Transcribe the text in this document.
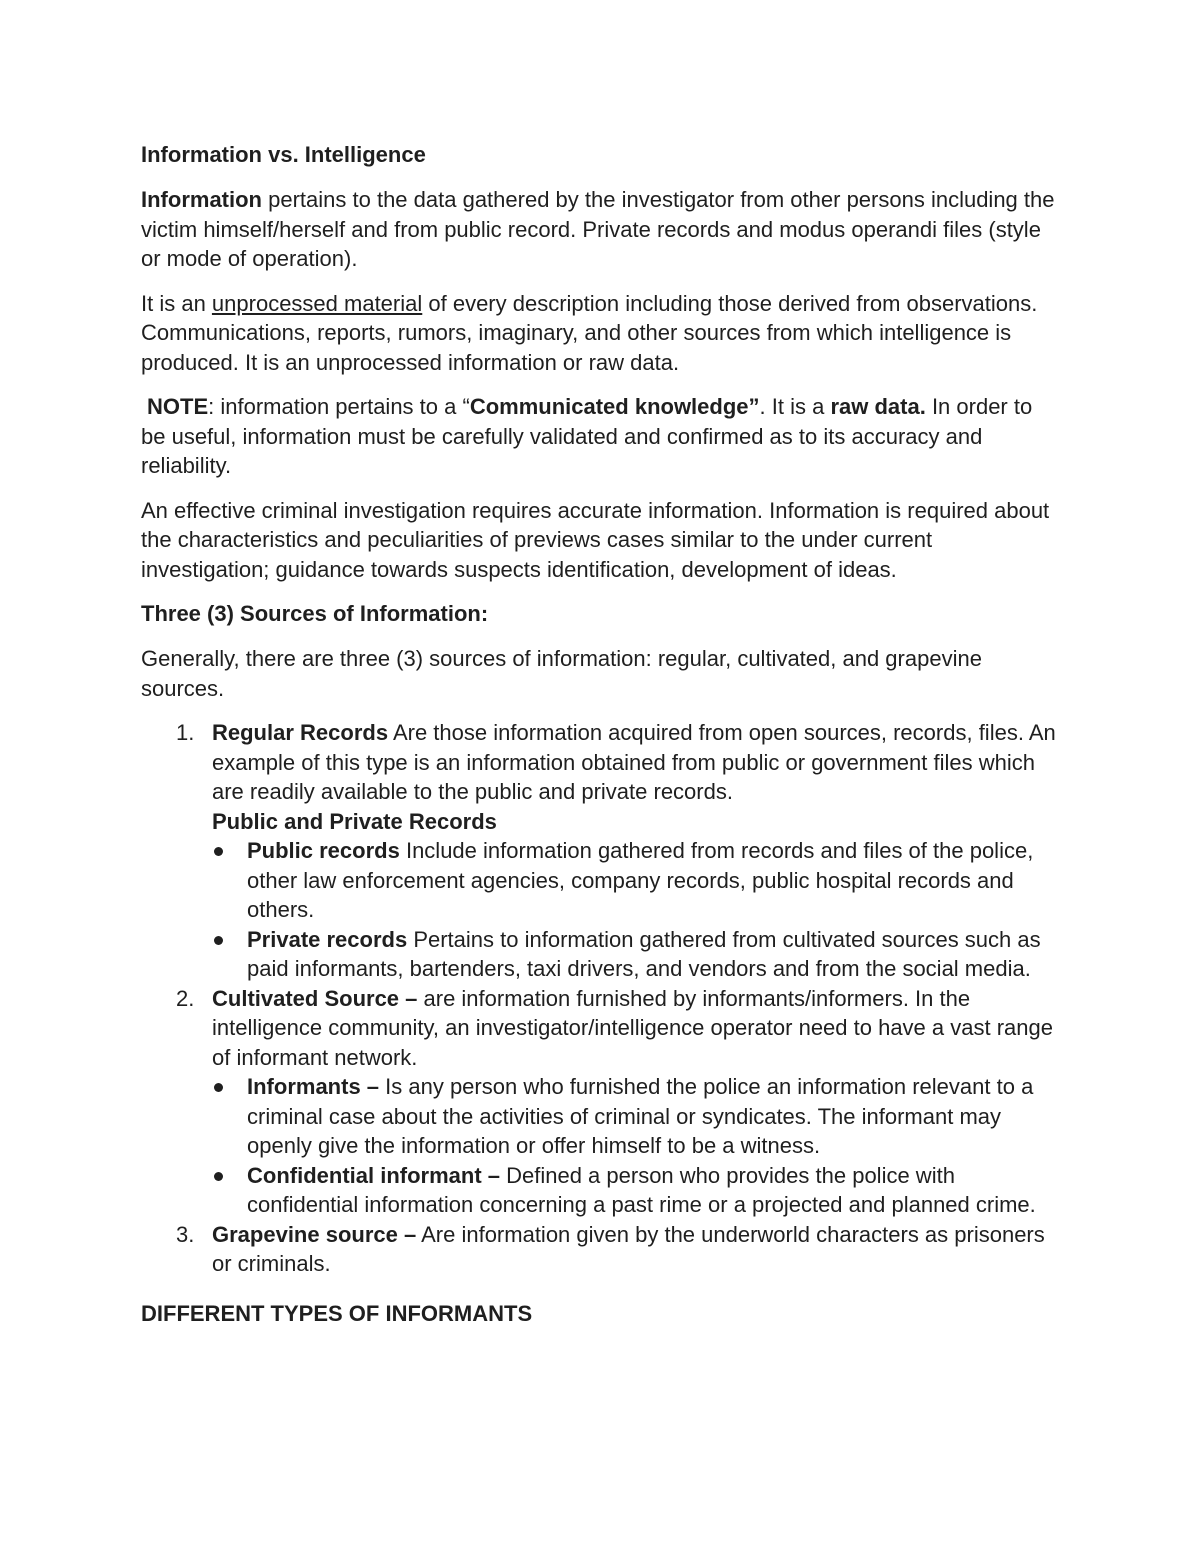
Information vs. Intelligence

Information pertains to the data gathered by the investigator from other persons including the victim himself/herself and from public record. Private records and modus operandi files (style or mode of operation).

It is an unprocessed material of every description including those derived from observations. Communications, reports, rumors, imaginary, and other sources from which intelligence is produced. It is an unprocessed information or raw data.

NOTE: information pertains to a “Communicated knowledge”. It is a raw data. In order to be useful, information must be carefully validated and confirmed as to its accuracy and reliability.

An effective criminal investigation requires accurate information. Information is required about the characteristics and peculiarities of previews cases similar to the under current investigation; guidance towards suspects identification, development of ideas.

Three (3) Sources of Information:

Generally, there are three (3) sources of information: regular, cultivated, and grapevine sources.

1. Regular Records Are those information acquired from open sources, records, files. An example of this type is an information obtained from public or government files which are readily available to the public and private records.
Public and Private Records
Public records Include information gathered from records and files of the police, other law enforcement agencies, company records, public hospital records and others.
Private records Pertains to information gathered from cultivated sources such as paid informants, bartenders, taxi drivers, and vendors and from the social media.
2. Cultivated Source – are information furnished by informants/informers. In the intelligence community, an investigator/intelligence operator need to have a vast range of informant network.
Informants – Is any person who furnished the police an information relevant to a criminal case about the activities of criminal or syndicates. The informant may openly give the information or offer himself to be a witness.
Confidential informant – Defined a person who provides the police with confidential information concerning a past rime or a projected and planned crime.
3. Grapevine source – Are information given by the underworld characters as prisoners or criminals.
DIFFERENT TYPES OF INFORMANTS
